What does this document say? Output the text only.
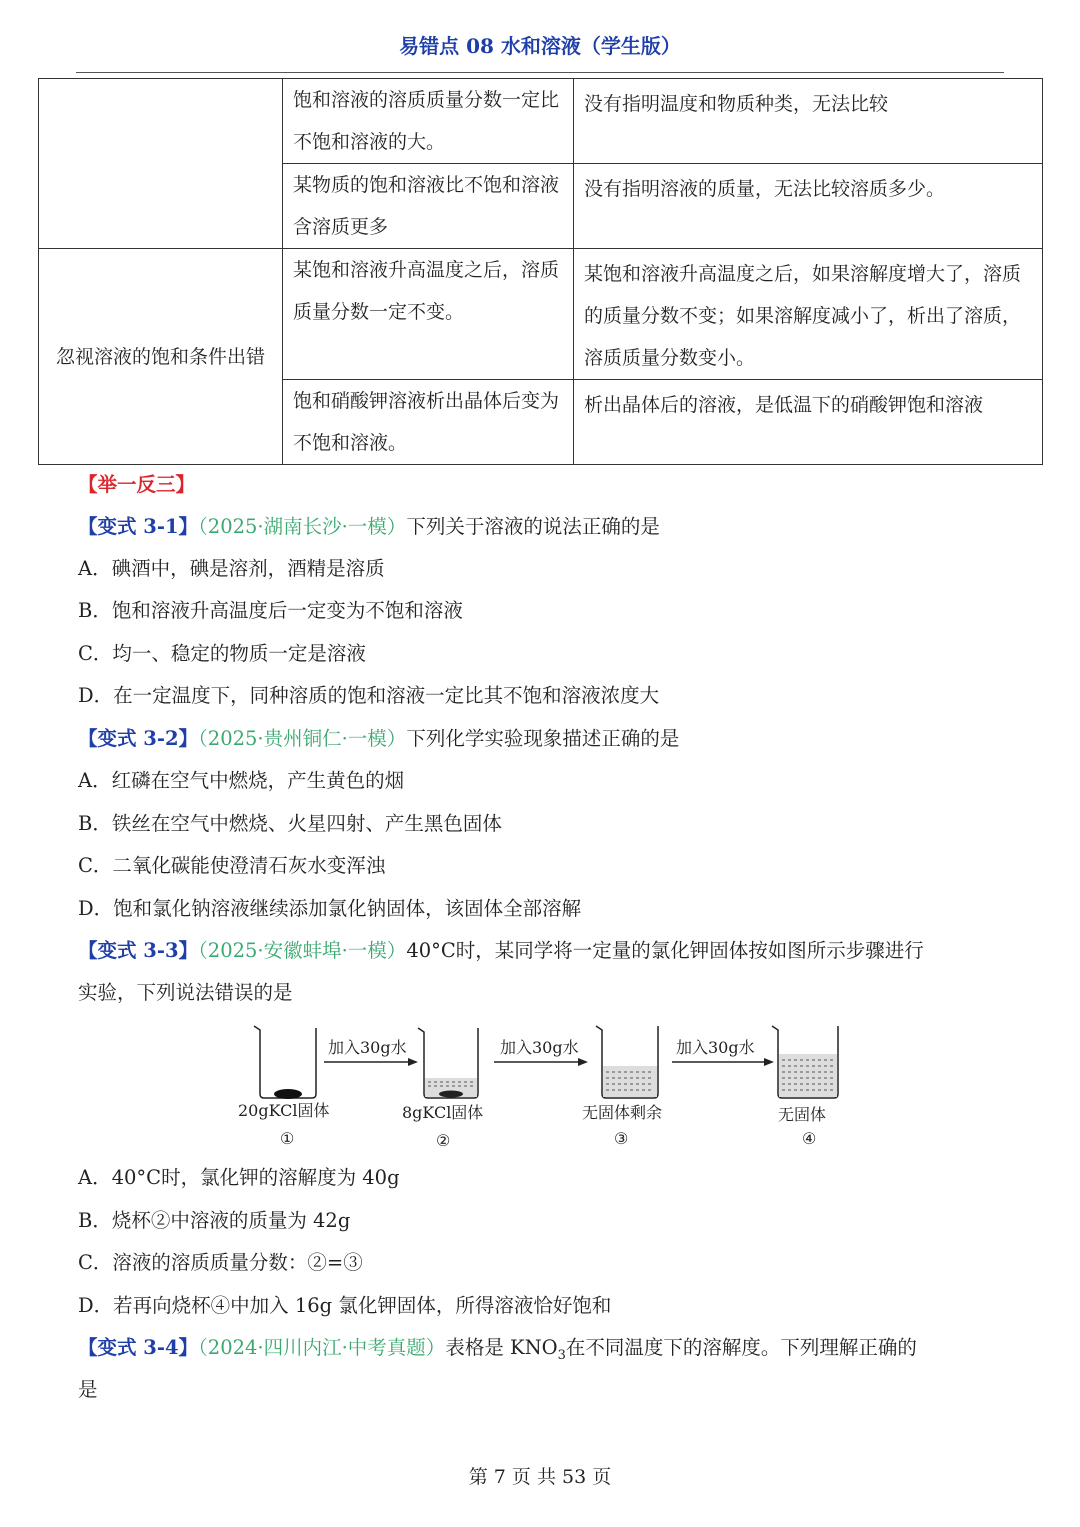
易错点 08 水和溶液（学生版）
	饱和溶液的溶质质量分数一定比不饱和溶液的大。	没有指明温度和物质种类，无法比较
	某物质的饱和溶液比不饱和溶液含溶质更多	没有指明溶液的质量，无法比较溶质多少。
忽视溶液的饱和条件出错	某饱和溶液升高温度之后，溶质质量分数一定不变。	某饱和溶液升高温度之后，如果溶解度增大了，溶质的质量分数不变；如果溶解度减小了，析出了溶质，溶质质量分数变小。
	饱和硝酸钾溶液析出晶体后变为不饱和溶液。	析出晶体后的溶液，是低温下的硝酸钾饱和溶液
【举一反三】
【变式 3-1】（2025·湖南长沙·一模）下列关于溶液的说法正确的是
A．碘酒中，碘是溶剂，酒精是溶质
B．饱和溶液升高温度后一定变为不饱和溶液
C．均一、稳定的物质一定是溶液
D．在一定温度下，同种溶质的饱和溶液一定比其不饱和溶液浓度大
【变式 3-2】（2025·贵州铜仁·一模）下列化学实验现象描述正确的是
A．红磷在空气中燃烧，产生黄色的烟
B．铁丝在空气中燃烧、火星四射、产生黑色固体
C．二氧化碳能使澄清石灰水变浑浊
D．饱和氯化钠溶液继续添加氯化钠固体，该固体全部溶解
【变式 3-3】（2025·安徽蚌埠·一模）40°C时，某同学将一定量的氯化钾固体按如图所示步骤进行
实验，下列说法错误的是
加入30g水	加入30g水	加入30g水
20gKCl固体	8gKCl固体	无固体剩余	无固体
①	②	③	④
A．40°C时，氯化钾的溶解度为 40g
B．烧杯②中溶液的质量为 42g
C．溶液的溶质质量分数：②=③
D．若再向烧杯④中加入 16g 氯化钾固体，所得溶液恰好饱和
【变式 3-4】（2024·四川内江·中考真题）表格是 $KNO_3$在不同温度下的溶解度。下列理解正确的
是
第 7 页 共 53 页
